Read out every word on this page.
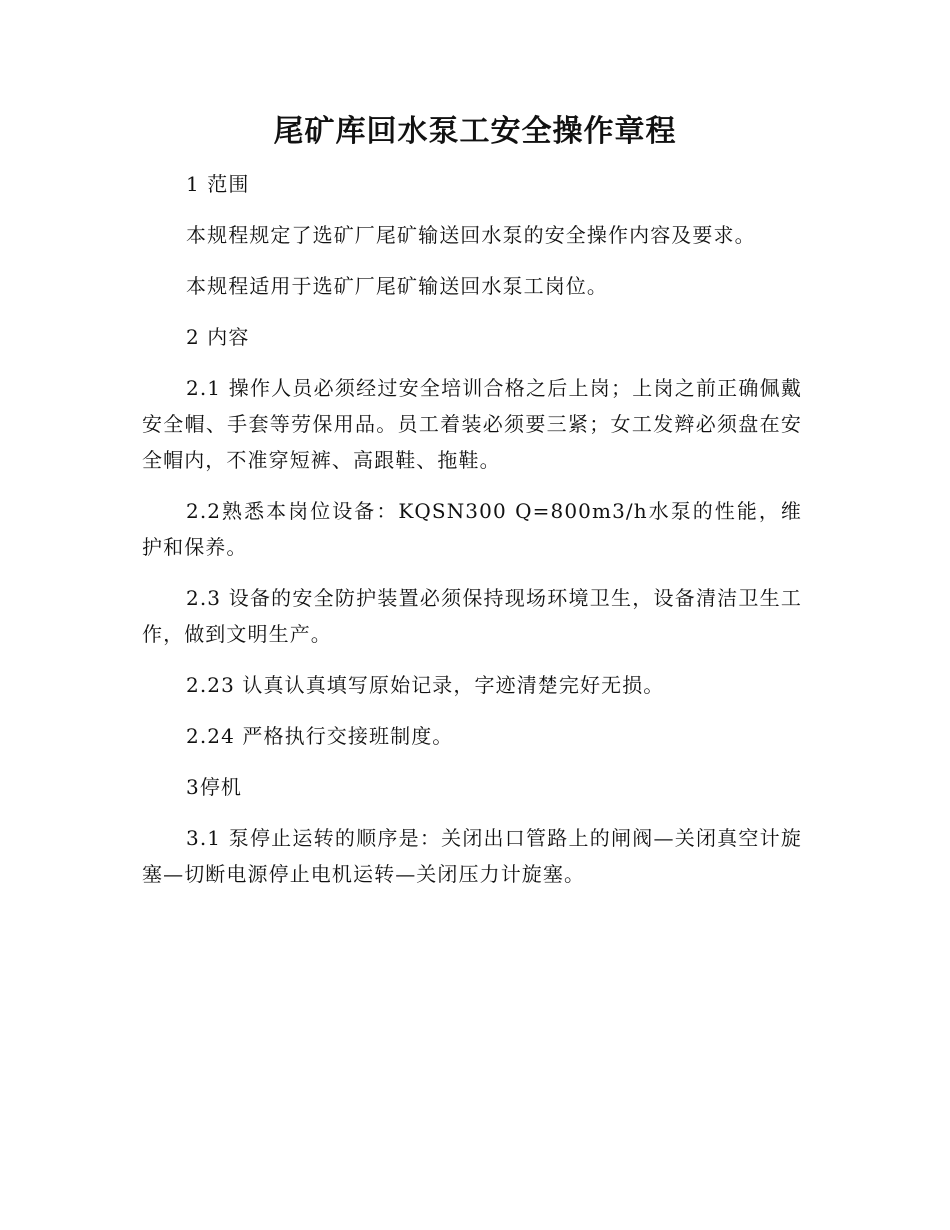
尾矿库回水泵工安全操作章程

1 范围

本规程规定了选矿厂尾矿输送回水泵的安全操作内容及要求。

本规程适用于选矿厂尾矿输送回水泵工岗位。

2 内容

2.1 操作人员必须经过安全培训合格之后上岗；上岗之前正确佩戴安全帽、手套等劳保用品。员工着装必须要三紧；女工发辫必须盘在安全帽内，不准穿短裤、高跟鞋、拖鞋。

2.2熟悉本岗位设备：KQSN300 Q=800m3/h水泵的性能，维护和保养。

2.3 设备的安全防护装置必须保持现场环境卫生，设备清洁卫生工作，做到文明生产。

2.23 认真认真填写原始记录，字迹清楚完好无损。

2.24 严格执行交接班制度。

3停机

3.1 泵停止运转的顺序是：关闭出口管路上的闸阀—关闭真空计旋塞—切断电源停止电机运转—关闭压力计旋塞。
